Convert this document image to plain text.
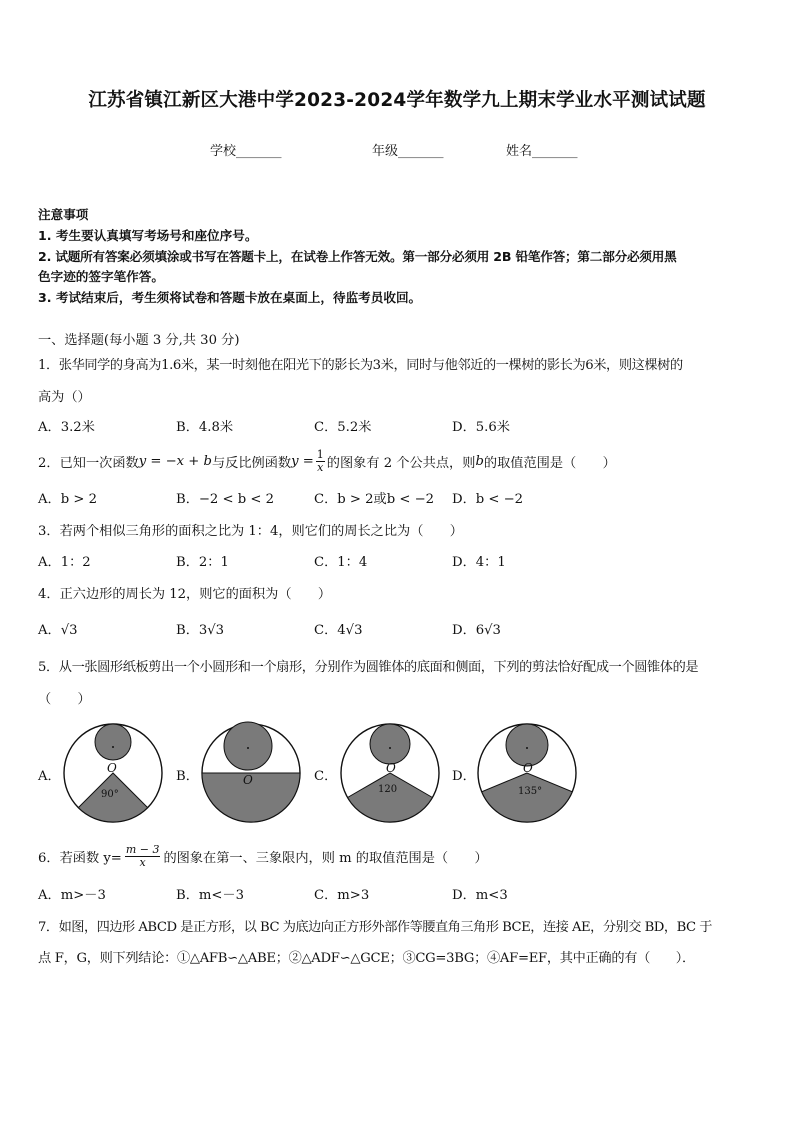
江苏省镇江新区大港中学2023-2024学年数学九上期末学业水平测试试题
学校_______	年级_______	姓名_______
注意事项
1. 考生要认真填写考场号和座位序号。
2. 试题所有答案必须填涂或书写在答题卡上，在试卷上作答无效。第一部分必须用 2B 铅笔作答；第二部分必须用黑
色字迹的签字笔作答。
3. 考试结束后，考生须将试卷和答题卡放在桌面上，待监考员收回。
一、选择题(每小题 3 分,共 30 分)
1．张华同学的身高为1.6米，某一时刻他在阳光下的影长为3米，同时与他邻近的一棵树的影长为6米，则这棵树的
高为（）
A．3.2米	B．4.8米	C．5.2米	D．5.6米
2．已知一次函数 y = −x + b 与反比例函数 $y = \frac{1}{x}$ 的图象有 2 个公共点，则 b 的取值范围是（　　）
A．b > 2	B．−2 < b < 2	C．b > 2或b < −2 D．b < −2
3．若两个相似三角形的面积之比为 1：4，则它们的周长之比为（　　）
A．1：2	B．2：1	C．1：4	D．4：1
4．正六边形的周长为 12，则它的面积为（　　）
A．√3	B．3√3	C．4√3	D．6√3
5．从一张圆形纸板剪出一个小圆形和一个扇形，分别作为圆锥体的底面和侧面，下列的剪法恰好配成一个圆锥体的是
（　　）
A．	B．	C．	D．
O
90°
O
O
120
O
135°
6．若函数 $y= \frac{m - 3}{x}$ 的图象在第一、三象限内，则 m 的取值范围是（　　）
A．m>－3	B．m<－3	C．m>3	D．m<3
7．如图，四边形 ABCD 是正方形，以 BC 为底边向正方形外部作等腰直角三角形 BCE，连接 AE，分别交 BD，BC 于
点 F，G，则下列结论：①△AFB∽△ABE；②△ADF∽△GCE；③CG=3BG；④AF=EF，其中正确的有（　　）．
